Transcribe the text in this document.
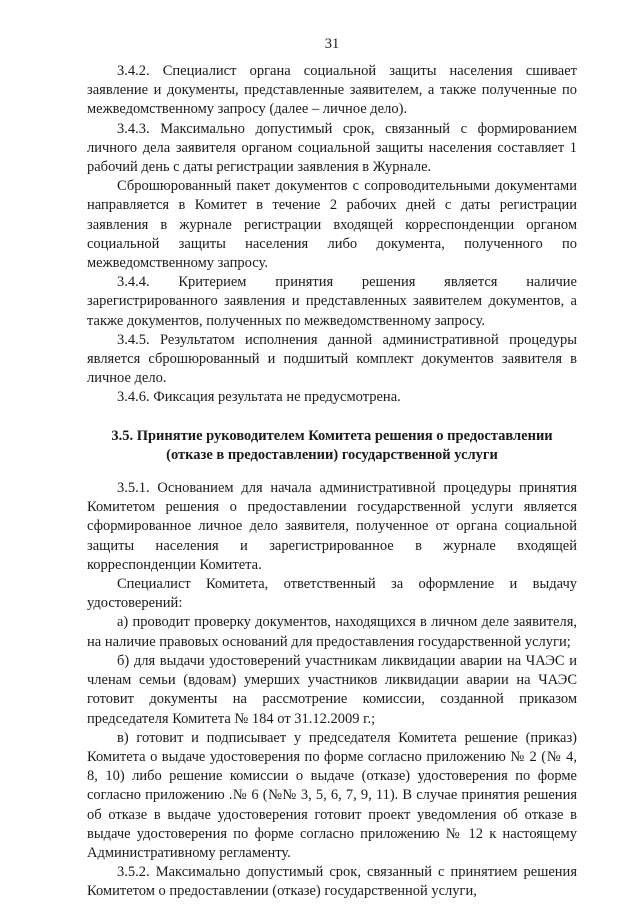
31

3.4.2. Специалист органа социальной защиты населения сшивает заявление и документы, представленные заявителем, а также полученные по межведомственному запросу (далее – личное дело).

3.4.3. Максимально допустимый срок, связанный с формированием личного дела заявителя органом социальной защиты населения составляет 1 рабочий день с даты регистрации заявления в Журнале.

Сброшюрованный пакет документов с сопроводительными документами направляется в Комитет в течение 2 рабочих дней с даты регистрации заявления в журнале регистрации входящей корреспонденции органом социальной защиты населения либо документа, полученного по межведомственному запросу.

3.4.4. Критерием принятия решения является наличие зарегистрированного заявления и представленных заявителем документов, а также документов, полученных по межведомственному запросу.

3.4.5. Результатом исполнения данной административной процедуры является сброшюрованный и подшитый комплект документов заявителя в личное дело.

3.4.6. Фиксация результата не предусмотрена.

3.5. Принятие руководителем Комитета решения о предоставлении (отказе в предоставлении) государственной услуги

3.5.1. Основанием для начала административной процедуры принятия Комитетом решения о предоставлении государственной услуги является сформированное личное дело заявителя, полученное от органа социальной защиты населения и зарегистрированное в журнале входящей корреспонденции Комитета.

Специалист Комитета, ответственный за оформление и выдачу удостоверений:

а) проводит проверку документов, находящихся в личном деле заявителя, на наличие правовых оснований для предоставления государственной услуги;

б) для выдачи удостоверений участникам ликвидации аварии на ЧАЭС и членам семьи (вдовам) умерших участников ликвидации аварии на ЧАЭС готовит документы на рассмотрение комиссии, созданной приказом председателя Комитета № 184 от 31.12.2009 г.;

в) готовит и подписывает у председателя Комитета решение (приказ) Комитета о выдаче удостоверения по форме согласно приложению № 2 (№ 4, 8, 10) либо решение комиссии о выдаче (отказе) удостоверения по форме согласно приложению .№ 6 (№№ 3, 5, 6, 7, 9, 11). В случае принятия решения об отказе в выдаче удостоверения готовит проект уведомления об отказе в выдаче удостоверения по форме согласно приложению № 12 к настоящему Административному регламенту.

3.5.2. Максимально допустимый срок, связанный с принятием решения Комитетом о предоставлении (отказе) государственной услуги,
